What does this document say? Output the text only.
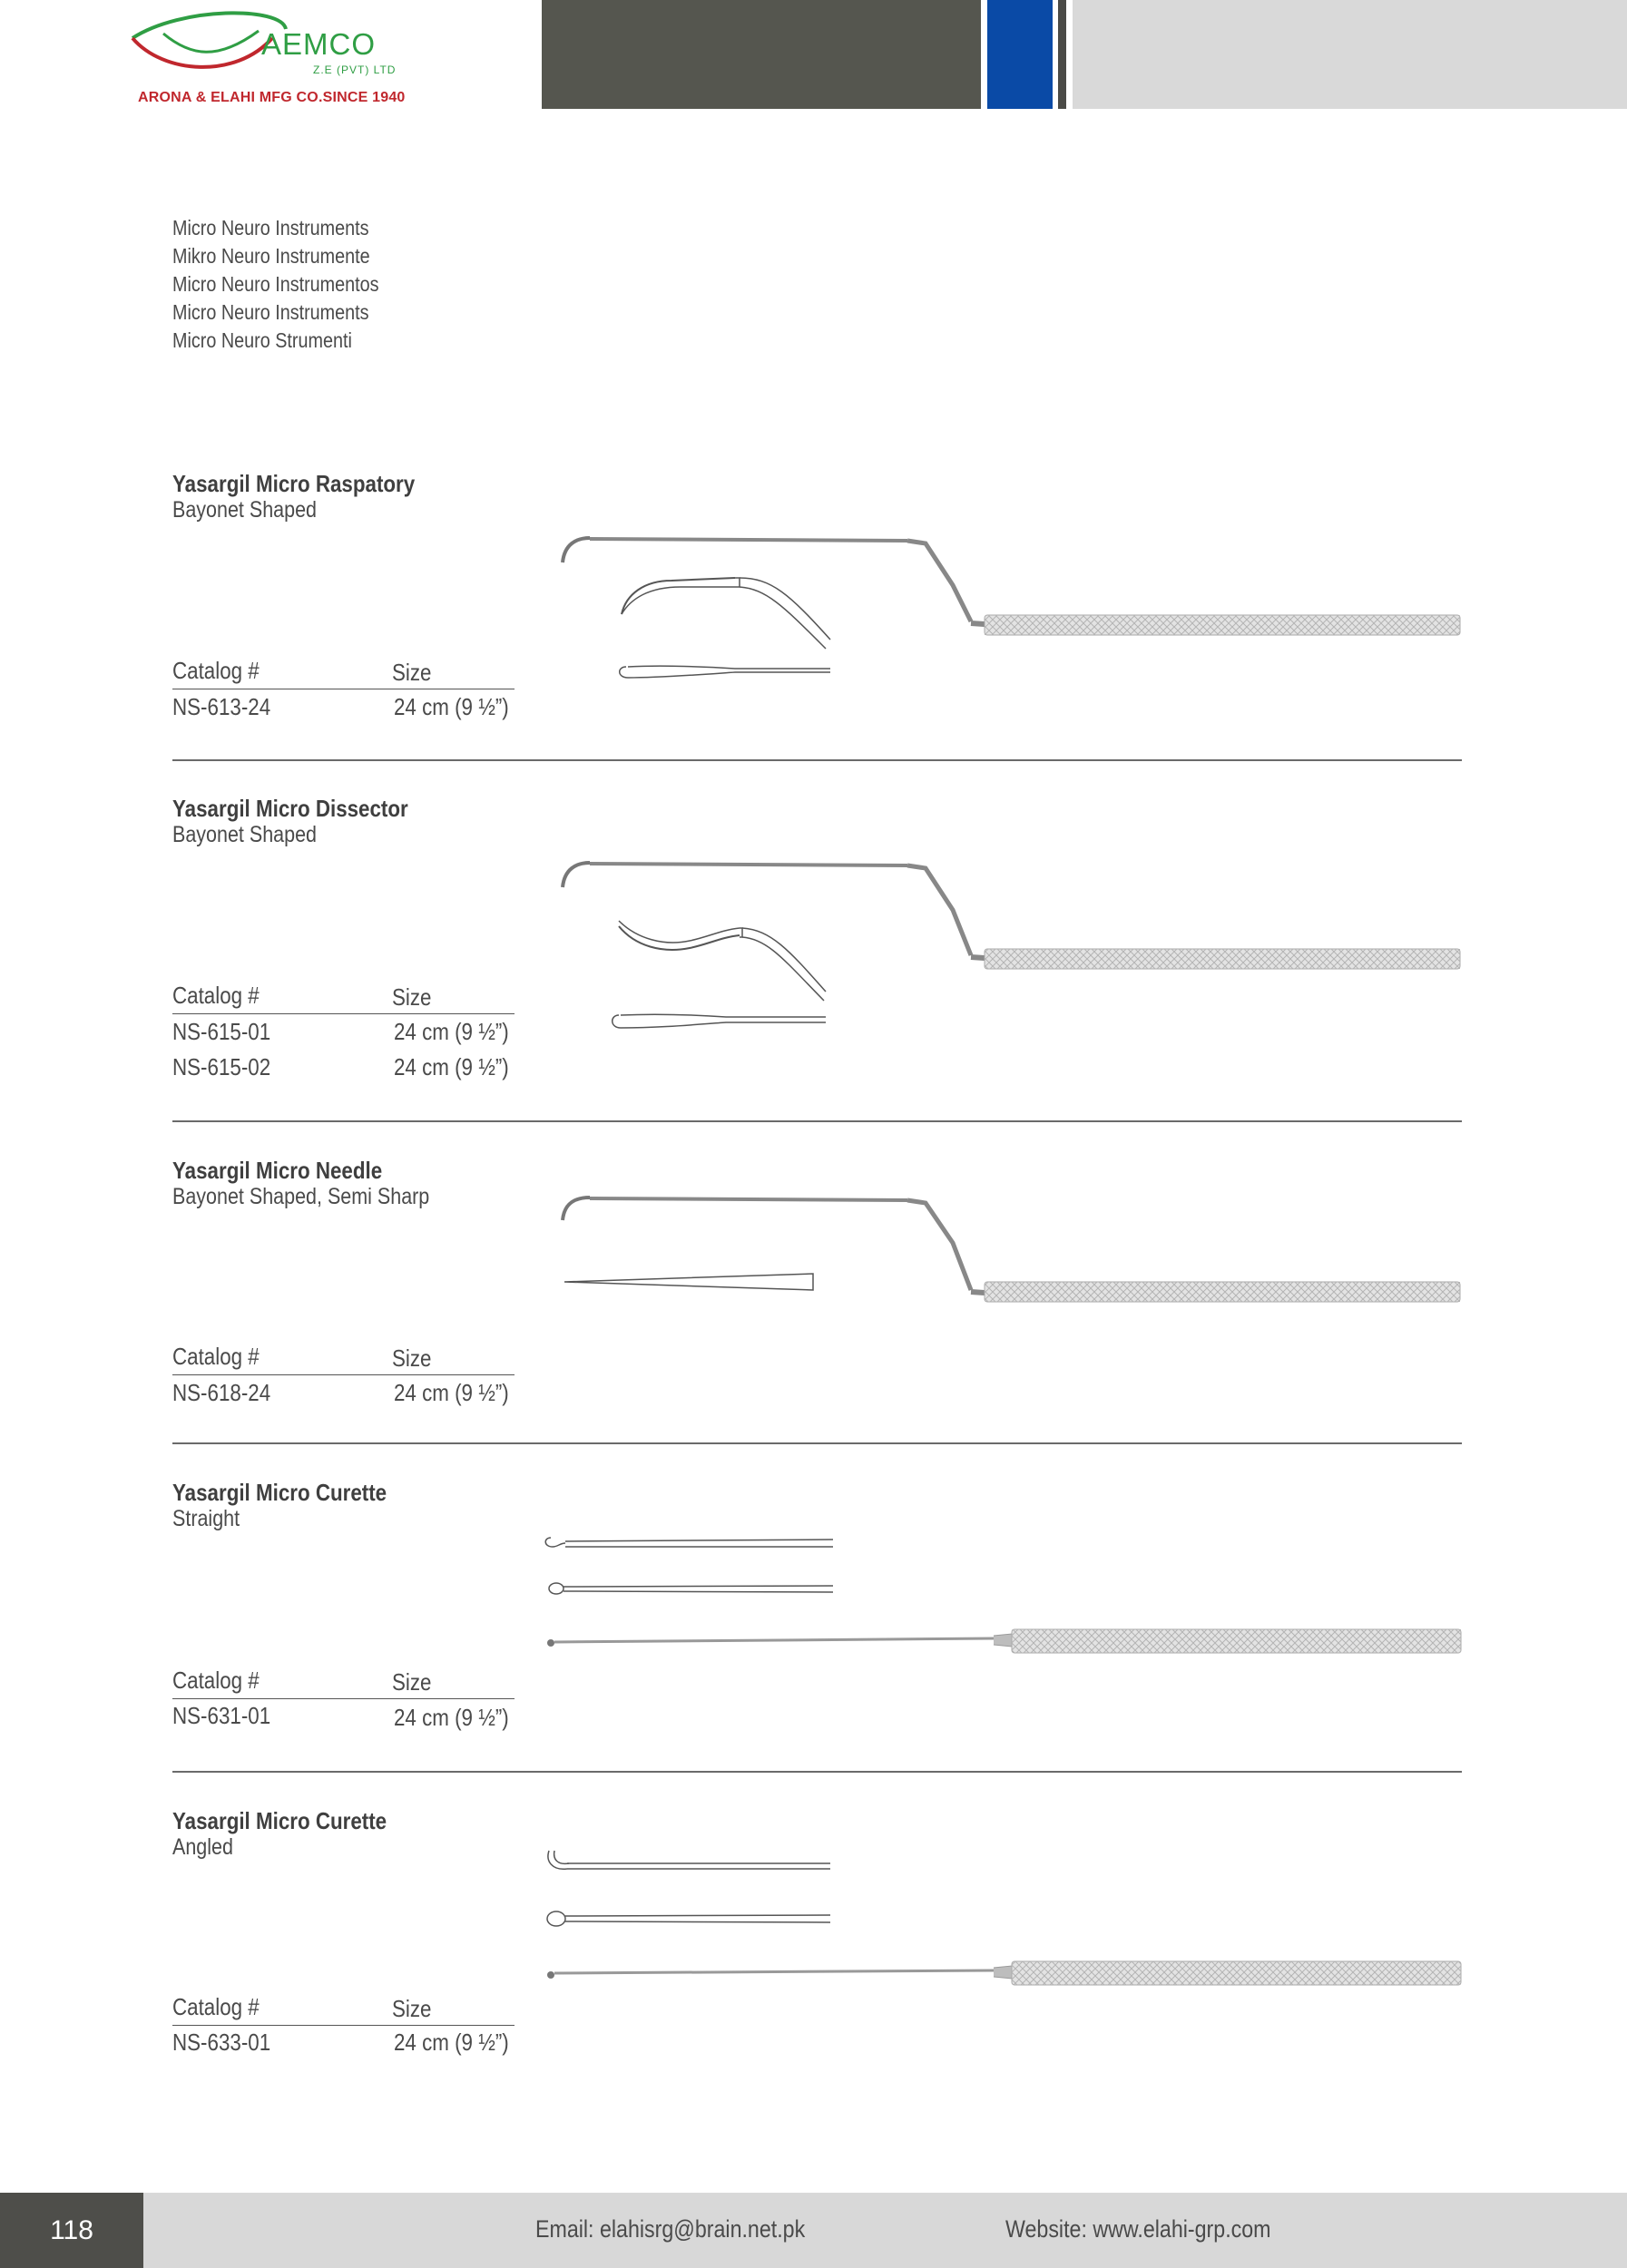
AEMCO
Z.E (PVT) LTD
ARONA & ELAHI MFG CO.SINCE 1940
Micro Neuro Instruments
Mikro Neuro Instrumente
Micro Neuro Instrumentos
Micro Neuro Instruments
Micro Neuro Strumenti
Yasargil Micro Raspatory
Bayonet Shaped
Catalog #	Size
NS-613-24	24 cm (9 ½”)
Yasargil Micro Dissector
Bayonet Shaped
Catalog #	Size
NS-615-01	24 cm (9 ½”)
NS-615-02	24 cm (9 ½”)
Yasargil Micro Needle
Bayonet Shaped, Semi Sharp
Catalog #	Size
NS-618-24	24 cm (9 ½”)
Yasargil Micro Curette
Straight
Catalog #	Size
NS-631-01	24 cm (9 ½”)
Yasargil Micro Curette
Angled
Catalog #	Size
NS-633-01	24 cm (9 ½”)
118	Email: elahisrg@brain.net.pk	Website: www.elahi-grp.com
